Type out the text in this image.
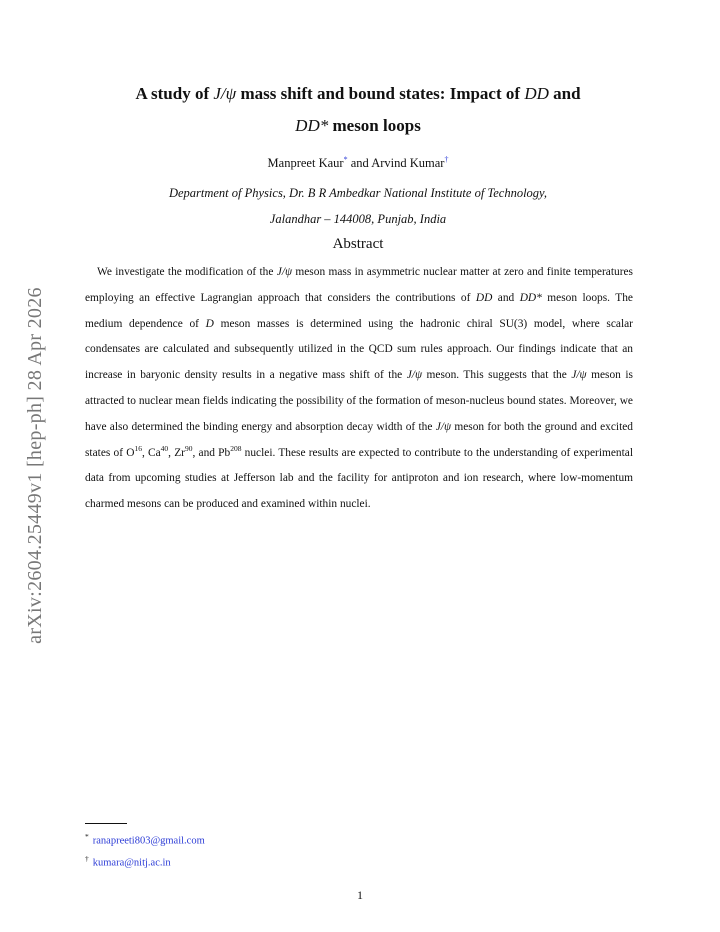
arXiv:2604.25449v1 [hep-ph] 28 Apr 2026
A study of J/ψ mass shift and bound states: Impact of DD and
DD* meson loops
Manpreet Kaur* and Arvind Kumar†
Department of Physics, Dr. B R Ambedkar National Institute of Technology,
Jalandhar – 144008, Punjab, India
Abstract

We investigate the modification of the J/ψ meson mass in asymmetric nuclear matter at zero and finite temperatures employing an effective Lagrangian approach that considers the contributions of DD and DD* meson loops. The medium dependence of D meson masses is determined using the hadronic chiral SU(3) model, where scalar condensates are calculated and subsequently utilized in the QCD sum rules approach. Our findings indicate that an increase in baryonic density results in a negative mass shift of the J/ψ meson. This suggests that the J/ψ meson is attracted to nuclear mean fields indicating the possibility of the formation of meson-nucleus bound states. Moreover, we have also determined the binding energy and absorption decay width of the J/ψ meson for both the ground and excited states of $O^{16}$, Ca$^{40}$, Zr$^{90}$, and Pb$^{208}$ nuclei. These results are expected to contribute to the understanding of experimental data from upcoming studies at Jefferson lab and the facility for antiproton and ion research, where low-momentum charmed mesons can be produced and examined within nuclei.

* ranapreeti803@gmail.com
† kumara@nitj.ac.in
1
